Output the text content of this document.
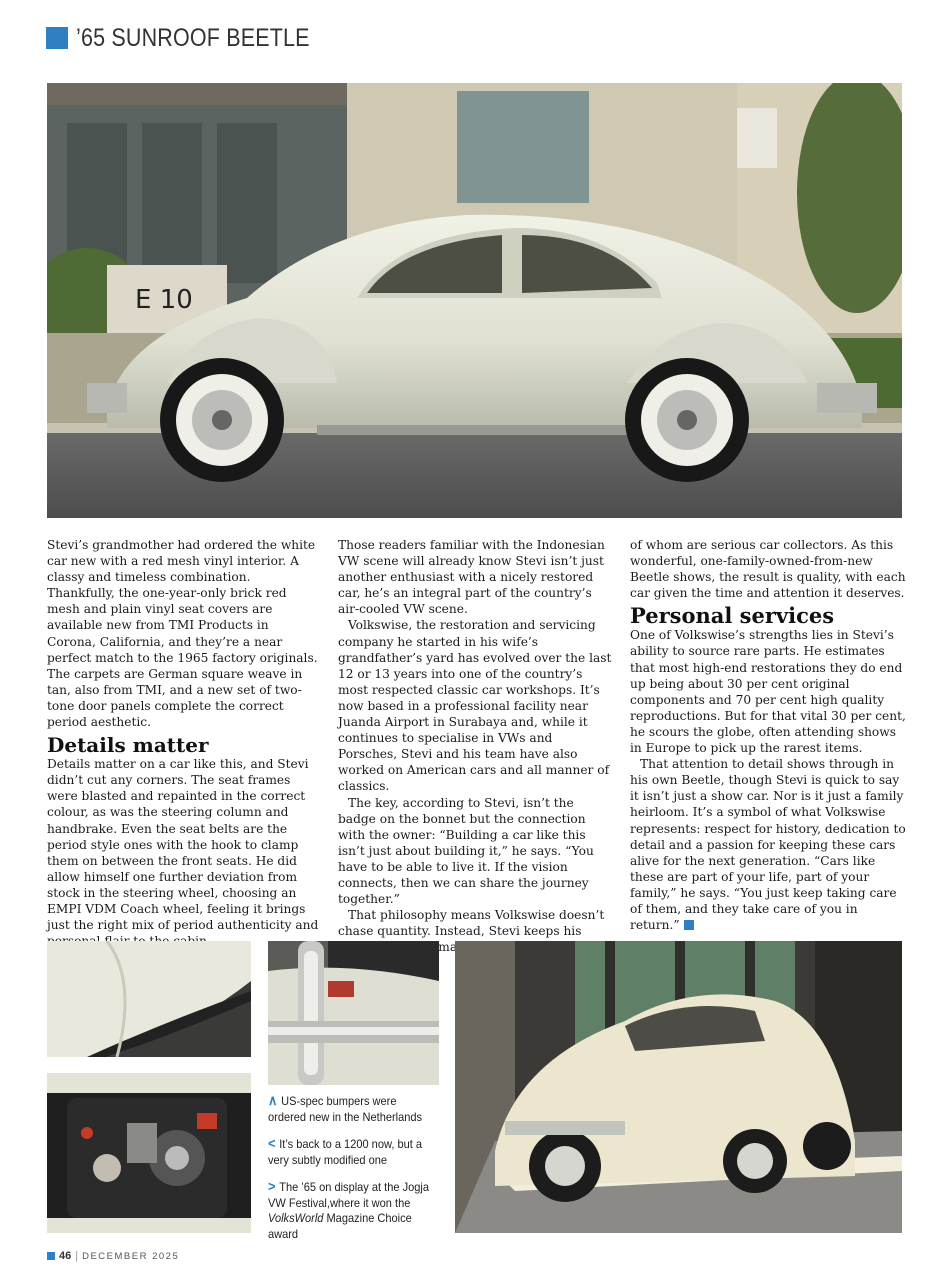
’65 SUNROOF BEETLE
E 10

Stevi’s grandmother had ordered the white car new with a red mesh vinyl interior. A classy and timeless combination. Thankfully, the one-year-only brick red mesh and plain vinyl seat covers are available new from TMI Products in Corona, California, and they’re a near perfect match to the 1965 factory originals. The carpets are German square weave in tan, also from TMI, and a new set of two-tone door panels complete the correct period aesthetic.

Details matter

Details matter on a car like this, and Stevi didn’t cut any corners. The seat frames were blasted and repainted in the correct colour, as was the steering column and handbrake. Even the seat belts are the period style ones with the hook to clamp them on between the front seats. He did allow himself one further deviation from stock in the steering wheel, choosing an EMPI VDM Coach wheel, feeling it brings just the right mix of period authenticity and

Those readers familiar with the Indonesian VW scene will already know Stevi isn’t just another enthusiast with a nicely restored car, he’s an integral part of the country’s air-cooled VW scene.

Volkswise, the restoration and servicing company he started in his wife’s grandfather’s yard has evolved over the last 12 or 13 years into one of the country’s most respected classic car workshops. It’s now based in a professional facility near Juanda Airport in Surabaya and, while it continues to specialise in VWs and Porsches, Stevi and his team have also worked on American cars and all manner of classics.

The key, according to Stevi, isn’t the badge on the bonnet but the connection with the owner: “Building a car like this isn’t just about building it,” he says. “You have to be able to live it. If the vision connects, then we can share the journey together.”

That philosophy means Volkswise doesn’t chase quantity. Instead, Stevi keeps his small

of whom are serious car collectors. As this wonderful, one-family-owned-from-new Beetle shows, the result is quality, with each car given the time and attention it deserves.

Personal services

One of Volkswise’s strengths lies in Stevi’s ability to source rare parts. He estimates that most high-end restorations they do end up being about 30 per cent original components and 70 per cent high quality reproductions. But for that vital 30 per cent, he scours the globe, often attending shows in Europe to pick up the rarest items.

That attention to detail shows through in his own Beetle, though Stevi is quick to say it isn’t just a show car. Nor is it just a family heirloom. It’s a symbol of what Volkswise represents: respect for history, dedication to detail and a passion for keeping these cars alive for the next generation. “Cars like these are part of your life, part of your family,” he says. “You just keep taking care of them, and they take care of you in return.”

∧ US-spec bumpers were ordered new in the Netherlands
< It’s back to a 1200 now, but a very subtly modified one
> The ’65 on display at the Jogja VW Festival,where it won the VolksWorld Magazine Choice award
46 | DECEMBER 2025
